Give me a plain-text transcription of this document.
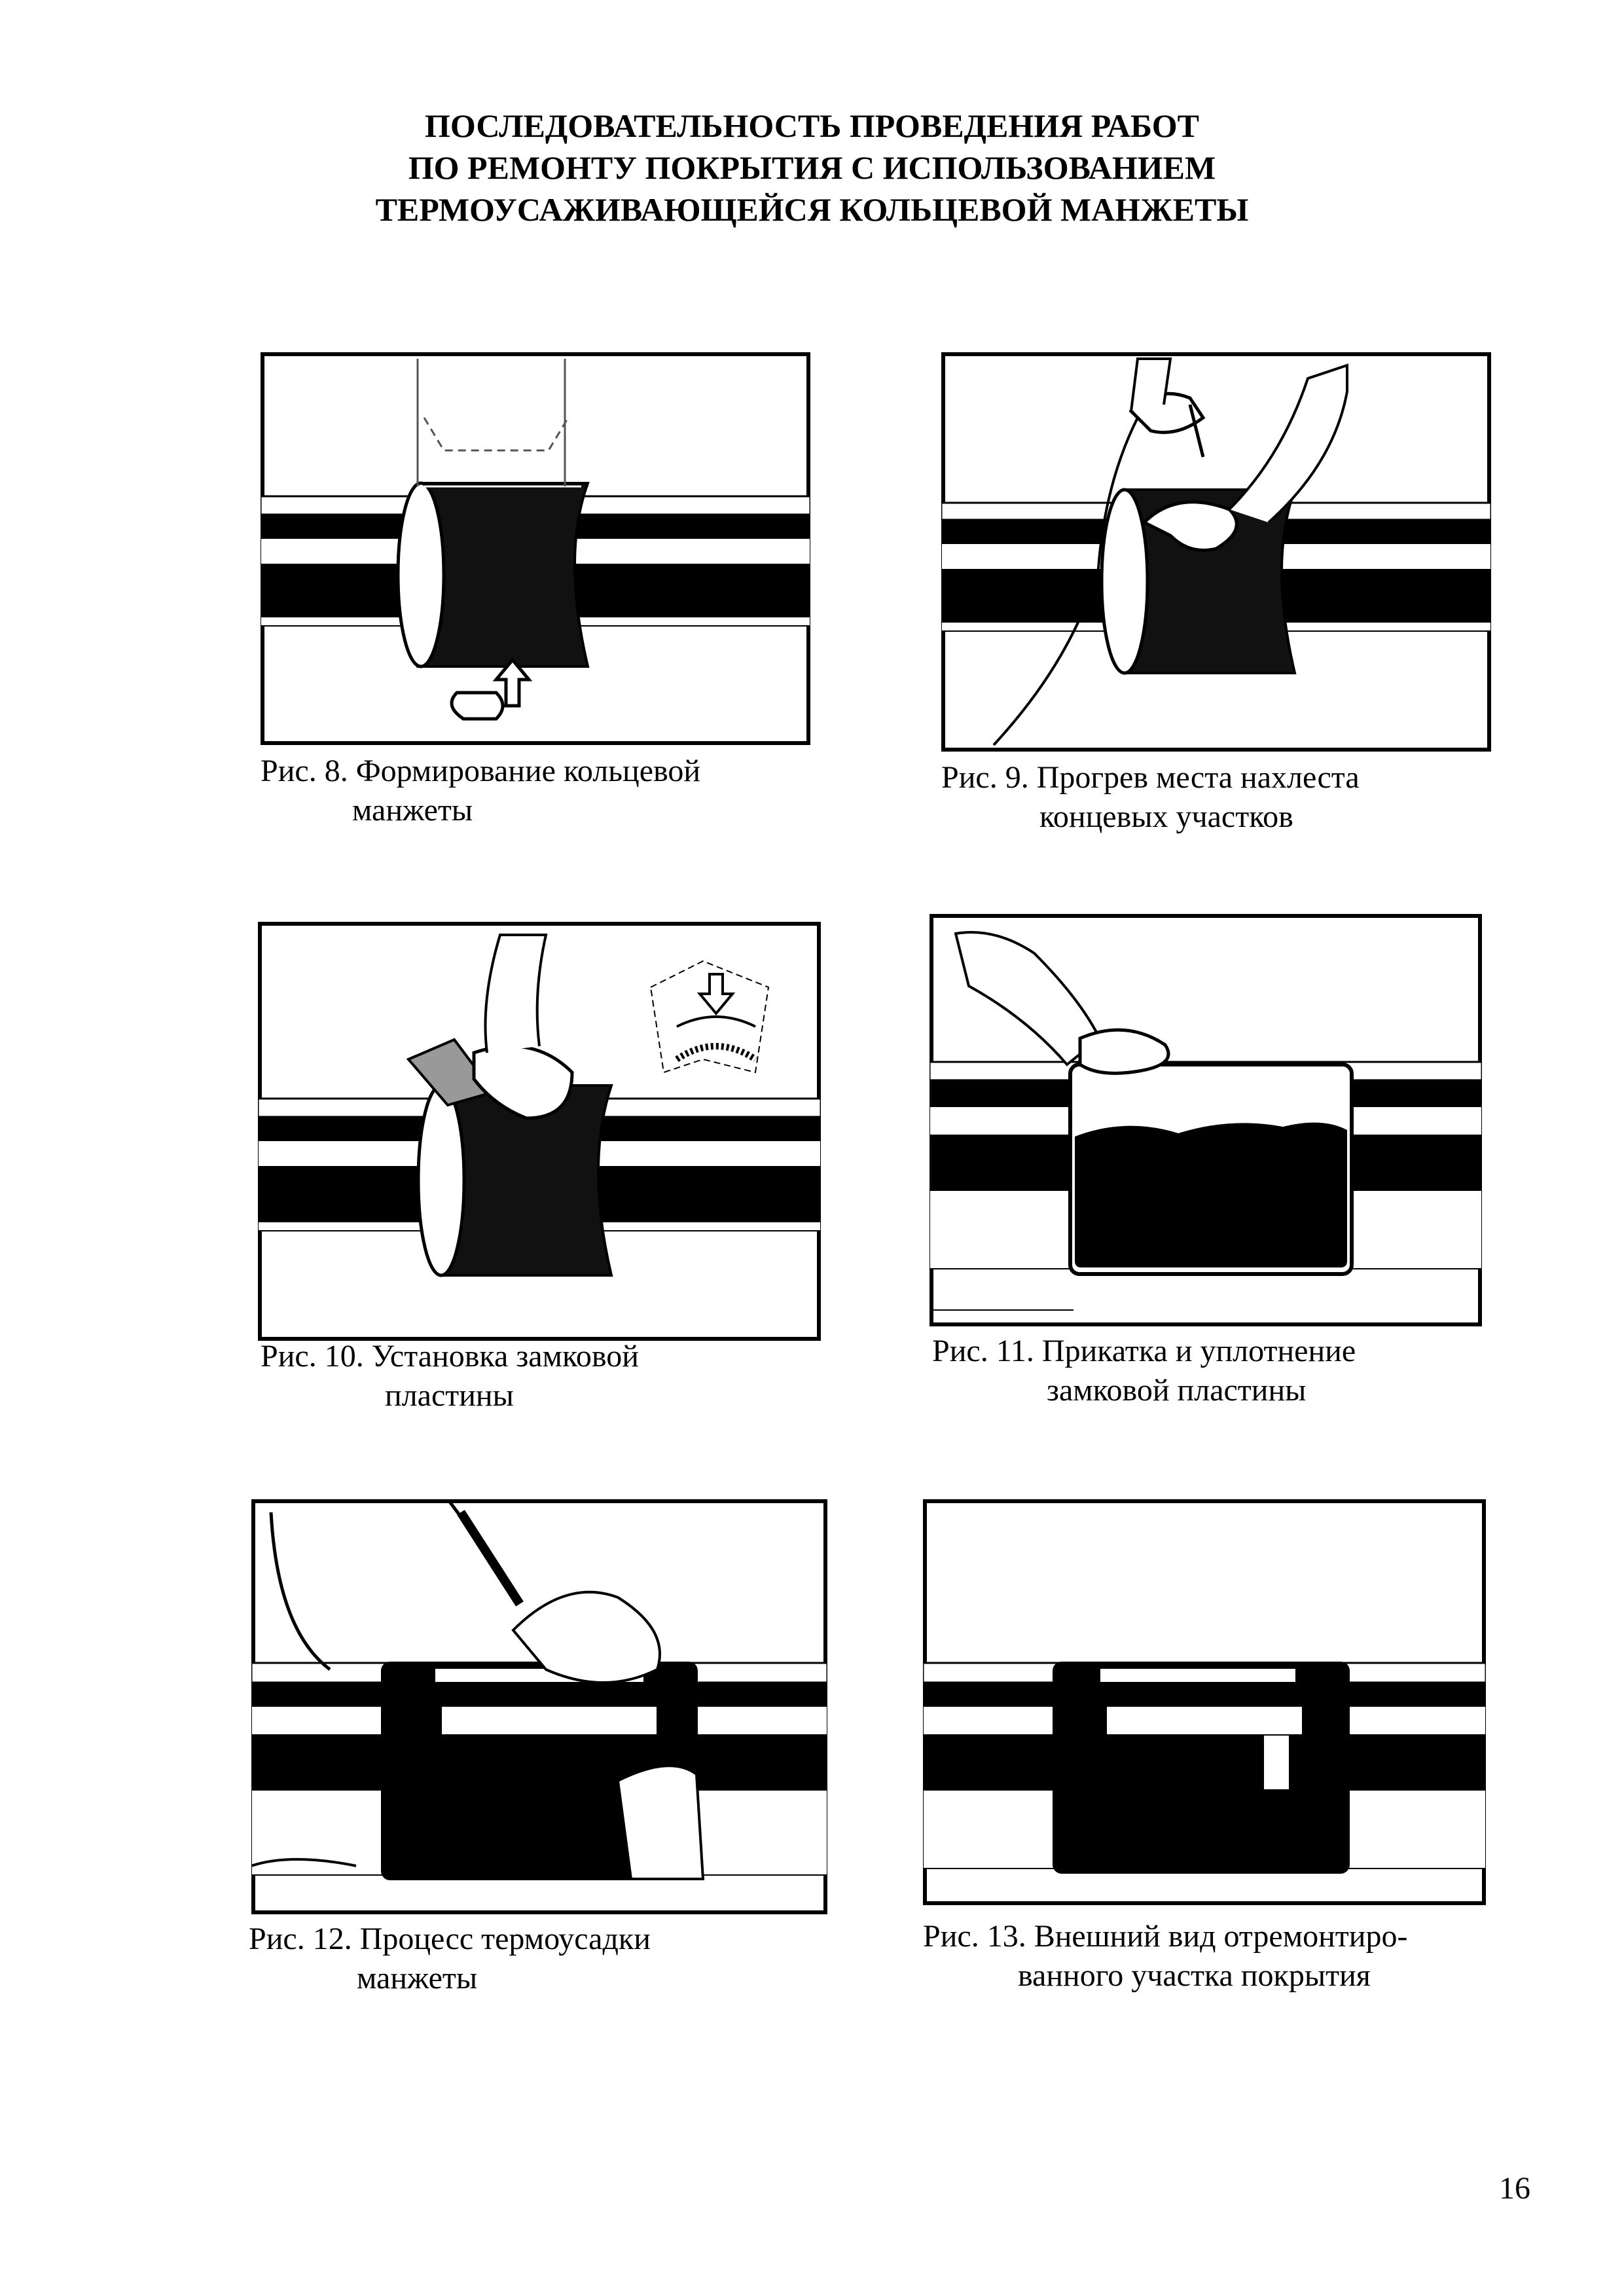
ПОСЛЕДОВАТЕЛЬНОСТЬ ПРОВЕДЕНИЯ РАБОТ
ПО РЕМОНТУ ПОКРЫТИЯ С ИСПОЛЬЗОВАНИЕМ
ТЕРМОУСАЖИВАЮЩЕЙСЯ КОЛЬЦЕВОЙ МАНЖЕТЫ
Рис. 8. Формирование кольцевой
манжеты
Рис. 9. Прогрев места нахлеста
концевых участков
Рис. 10. Установка замковой
пластины
Рис. 11. Прикатка и уплотнение
замковой пластины
Рис. 12. Процесс термоусадки
манжеты
Рис. 13. Внешний вид отремонтиро-
ванного участка покрытия
16
